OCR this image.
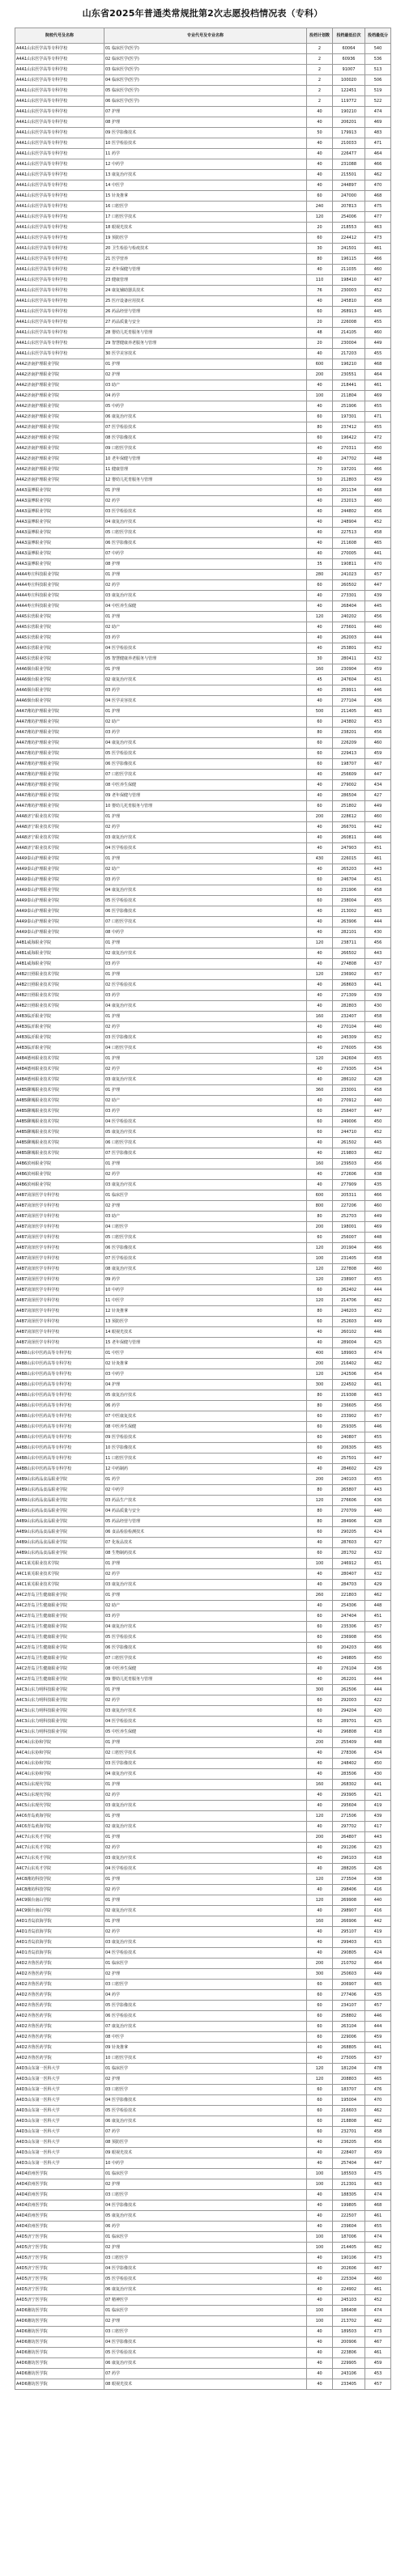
山东省2025年普通类常规批第2次志愿投档情况表（专科）
院校代号及名称	专业代号及专业名称	投档计划数	投档最低位次	投档最低分
A4A1山东医学高等专科学校	01 临床医学(医学)	2	60064	540
A4A1山东医学高等专科学校	02 临床医学(医学)	2	60936	536
A4A1山东医学高等专科学校	03 临床医学(医学)	2	91007	513
A4A1山东医学高等专科学校	04 临床医学(医学)	2	100020	506
A4A1山东医学高等专科学校	05 临床医学(医学)	2	122451	519
A4A1山东医学高等专科学校	06 临床医学(医学)	2	119772	522
A4A1山东医学高等专科学校	07 护理	40	190210	474
A4A1山东医学高等专科学校	08 护理	40	206201	469
A4A1山东医学高等专科学校	09 医学影像技术	50	179913	483
A4A1山东医学高等专科学校	10 医学检验技术	40	210033	471
A4A1山东医学高等专科学校	11 药学	40	226477	464
A4A1山东医学高等专科学校	12 中药学	40	231088	466
A4A1山东医学高等专科学校	13 康复治疗技术	40	215501	462
A4A1山东医学高等专科学校	14 中医学	40	244897	470
A4A1山东医学高等专科学校	15 针灸推拿	60	247000	468
A4A1山东医学高等专科学校	16 口腔医学	240	207813	475
A4A1山东医学高等专科学校	17 口腔医学技术	120	254006	477
A4A1山东医学高等专科学校	18 眼视光技术	20	218553	463
A4A1山东医学高等专科学校	19 预防医学	60	224412	473
A4A1山东医学高等专科学校	20 卫生检验与检疫技术	30	241501	461
A4A1山东医学高等专科学校	21 医学营养	80	196115	466
A4A1山东医学高等专科学校	22 老年保健与管理	40	211035	460
A4A1山东医学高等专科学校	23 健康管理	110	198410	467
A4A1山东医学高等专科学校	24 康复辅助器具技术	76	230003	452
A4A1山东医学高等专科学校	25 医疗设备应用技术	40	245810	458
A4A1山东医学高等专科学校	26 药品经营与管理	60	268913	445
A4A1山东医学高等专科学校	27 药品质量与安全	20	226008	455
A4A1山东医学高等专科学校	28 婴幼儿托育服务与管理	48	214105	460
A4A1山东医学高等专科学校	29 智慧健康养老服务与管理	20	230004	449
A4A1山东医学高等专科学校	30 医学美容技术	40	217203	455
A4A2济南护理职业学院	01 护理	600	196210	468
A4A2济南护理职业学院	02 护理	200	230551	464
A4A2济南护理职业学院	03 助产	40	218441	461
A4A2济南护理职业学院	04 药学	100	211804	469
A4A2济南护理职业学院	05 中药学	40	251906	455
A4A2济南护理职业学院	06 康复治疗技术	60	197301	471
A4A2济南护理职业学院	07 医学检验技术	80	237412	455
A4A2济南护理职业学院	08 医学影像技术	60	196422	472
A4A2济南护理职业学院	09 口腔医学技术	40	270311	450
A4A2济南护理职业学院	10 老年保健与管理	40	247702	448
A4A2济南护理职业学院	11 健康管理	70	197201	466
A4A2济南护理职业学院	12 婴幼儿托育服务与管理	50	212803	459
A4A3淄博职业学院	01 护理	40	201134	468
A4A3淄博职业学院	02 药学	40	232013	460
A4A3淄博职业学院	03 医学检验技术	40	244802	456
A4A3淄博职业学院	04 康复治疗技术	40	248904	452
A4A3淄博职业学院	05 口腔医学技术	40	227513	458
A4A3淄博职业学院	06 医学影像技术	40	211608	465
A4A3淄博职业学院	07 中药学	40	270005	441
A4A3淄博职业学院	08 护理	35	190811	470
A4A4枣庄科技职业学院	01 护理	280	241023	457
A4A4枣庄科技职业学院	02 药学	60	260502	447
A4A4枣庄科技职业学院	03 康复治疗技术	40	273301	439
A4A4枣庄科技职业学院	04 中医养生保健	40	268404	445
A4A5东营职业学院	01 护理	120	240202	456
A4A5东营职业学院	02 助产	40	275601	440
A4A5东营职业学院	03 药学	40	262003	444
A4A5东营职业学院	04 医学检验技术	40	253801	452
A4A5东营职业学院	05 智慧健康养老服务与管理	30	280411	432
A4A6烟台职业学院	01 护理	160	230904	459
A4A6烟台职业学院	02 康复治疗技术	45	247604	451
A4A6烟台职业学院	03 药学	40	259911	446
A4A6烟台职业学院	04 医学美容技术	40	277104	436
A4A7潍坊护理职业学院	01 护理	500	211405	463
A4A7潍坊护理职业学院	02 助产	60	243802	453
A4A7潍坊护理职业学院	03 药学	80	238201	456
A4A7潍坊护理职业学院	04 康复治疗技术	60	226209	460
A4A7潍坊护理职业学院	05 医学检验技术	60	229413	459
A4A7潍坊护理职业学院	06 医学影像技术	60	198707	467
A4A7潍坊护理职业学院	07 口腔医学技术	40	256609	447
A4A7潍坊护理职业学院	08 中医养生保健	40	279002	434
A4A7潍坊护理职业学院	09 老年保健与管理	40	286504	427
A4A7潍坊护理职业学院	10 婴幼儿托育服务与管理	60	251802	449
A4A8济宁职业技术学院	01 护理	200	228612	460
A4A8济宁职业技术学院	02 药学	40	266701	442
A4A8济宁职业技术学院	03 康复治疗技术	40	260811	446
A4A8济宁职业技术学院	04 医学检验技术	40	247903	451
A4A9泰山护理职业学院	01 护理	430	226015	461
A4A9泰山护理职业学院	02 助产	40	265203	443
A4A9泰山护理职业学院	03 药学	60	246704	451
A4A9泰山护理职业学院	04 康复治疗技术	60	231906	458
A4A9泰山护理职业学院	05 医学检验技术	60	238004	455
A4A9泰山护理职业学院	06 医学影像技术	40	213002	463
A4A9泰山护理职业学院	07 口腔医学技术	40	263906	444
A4A9泰山护理职业学院	08 中药学	40	282101	430
A4B1威海职业学院	01 护理	120	238711	456
A4B1威海职业学院	02 康复治疗技术	40	266502	443
A4B1威海职业学院	03 药学	40	274808	437
A4B2日照职业技术学院	01 护理	120	236902	457
A4B2日照职业技术学院	02 医学检验技术	40	268603	441
A4B2日照职业技术学院	03 药学	40	271309	439
A4B2日照职业技术学院	04 康复治疗技术	40	282803	430
A4B3临沂职业学院	01 护理	160	232407	458
A4B3临沂职业学院	02 药学	40	270104	440
A4B3临沂职业学院	03 医学影像技术	40	245309	452
A4B3临沂职业学院	04 口腔医学技术	40	276005	436
A4B4德州职业技术学院	01 护理	120	242604	455
A4B4德州职业技术学院	02 药学	40	279305	434
A4B4德州职业技术学院	03 康复治疗技术	40	286102	428
A4B5聊城职业技术学院	01 护理	360	233001	458
A4B5聊城职业技术学院	02 助产	40	270912	440
A4B5聊城职业技术学院	03 药学	60	258407	447
A4B5聊城职业技术学院	04 医学检验技术	60	249006	450
A4B5聊城职业技术学院	05 康复治疗技术	60	244710	452
A4B5聊城职业技术学院	06 口腔医学技术	40	261502	445
A4B5聊城职业技术学院	07 医学影像技术	40	219803	462
A4B6滨州职业学院	01 护理	160	239503	456
A4B6滨州职业学院	02 药学	40	272606	438
A4B6滨州职业学院	03 康复治疗技术	40	277909	435
A4B7菏泽医学专科学校	01 临床医学	600	205311	466
A4B7菏泽医学专科学校	02 护理	800	227206	460
A4B7菏泽医学专科学校	03 助产	80	252703	449
A4B7菏泽医学专科学校	04 口腔医学	200	198001	469
A4B7菏泽医学专科学校	05 口腔医学技术	60	256007	448
A4B7菏泽医学专科学校	06 医学影像技术	120	201904	466
A4B7菏泽医学专科学校	07 医学检验技术	100	231405	458
A4B7菏泽医学专科学校	08 康复治疗技术	120	227808	460
A4B7菏泽医学专科学校	09 药学	120	238907	455
A4B7菏泽医学专科学校	10 中药学	60	262402	444
A4B7菏泽医学专科学校	11 中医学	120	214706	462
A4B7菏泽医学专科学校	12 针灸推拿	80	246203	452
A4B7菏泽医学专科学校	13 预防医学	60	252603	449
A4B7菏泽医学专科学校	14 眼视光技术	40	260102	446
A4B7菏泽医学专科学校	15 老年保健与管理	40	289004	425
A4B8山东中医药高等专科学校	01 中医学	400	189903	474
A4B8山东中医药高等专科学校	02 针灸推拿	200	216402	462
A4B8山东中医药高等专科学校	03 中药学	120	242506	454
A4B8山东中医药高等专科学校	04 护理	300	224502	461
A4B8山东中医药高等专科学校	05 康复治疗技术	80	219308	463
A4B8山东中医药高等专科学校	06 药学	80	236605	456
A4B8山东中医药高等专科学校	07 中医康复技术	60	233902	457
A4B8山东中医药高等专科学校	08 中医养生保健	60	259305	446
A4B8山东中医药高等专科学校	09 医学检验技术	60	240807	455
A4B8山东中医药高等专科学校	10 医学影像技术	60	206305	465
A4B8山东中医药高等专科学校	11 口腔医学技术	40	257501	447
A4B8山东中医药高等专科学校	12 中药制药	40	284602	429
A4B9山东药品食品职业学院	01 药学	200	240103	455
A4B9山东药品食品职业学院	02 中药学	80	265807	443
A4B9山东药品食品职业学院	03 药品生产技术	120	276606	436
A4B9山东药品食品职业学院	04 药品质量与安全	80	270709	440
A4B9山东药品食品职业学院	05 药品经营与管理	80	284906	428
A4B9山东药品食品职业学院	06 食品检验检测技术	60	290205	424
A4B9山东药品食品职业学院	07 化妆品技术	40	287603	427
A4B9山东药品食品职业学院	08 生物制药技术	60	281702	432
A4C1莱芜职业技术学院	01 护理	100	246912	451
A4C1莱芜职业技术学院	02 药学	40	280407	432
A4C1莱芜职业技术学院	03 康复治疗技术	40	284703	429
A4C2青岛卫生健康职业学院	01 护理	260	221803	462
A4C2青岛卫生健康职业学院	02 助产	40	254306	448
A4C2青岛卫生健康职业学院	03 药学	60	247404	451
A4C2青岛卫生健康职业学院	04 康复治疗技术	60	235306	457
A4C2青岛卫生健康职业学院	05 医学检验技术	60	236908	456
A4C2青岛卫生健康职业学院	06 医学影像技术	60	204203	466
A4C2青岛卫生健康职业学院	07 口腔医学技术	40	249805	450
A4C2青岛卫生健康职业学院	08 中医养生保健	40	276104	436
A4C2青岛卫生健康职业学院	09 婴幼儿托育服务与管理	40	262201	444
A4C3山东力明科技职业学院	01 护理	300	262506	444
A4C3山东力明科技职业学院	02 药学	60	292003	422
A4C3山东力明科技职业学院	03 康复治疗技术	60	294204	420
A4C3山东力明科技职业学院	04 医学检验技术	60	289701	425
A4C3山东力明科技职业学院	05 中医养生保健	40	296808	418
A4C4山东协和学院	01 护理	200	255409	448
A4C4山东协和学院	02 口腔医学技术	40	278306	434
A4C4山东协和学院	03 医学影像技术	40	248402	450
A4C4山东协和学院	04 康复治疗技术	40	283506	430
A4C5山东现代学院	01 护理	160	268302	441
A4C5山东现代学院	02 药学	40	293905	421
A4C5山东现代学院	03 康复治疗技术	40	295604	419
A4C6青岛黄海学院	01 护理	120	271506	439
A4C6青岛黄海学院	02 康复治疗技术	40	297702	417
A4C7山东英才学院	01 护理	200	264807	443
A4C7山东英才学院	02 药学	40	291206	423
A4C7山东英才学院	03 康复治疗技术	40	296103	418
A4C7山东英才学院	04 医学检验技术	40	288205	426
A4C8潍坊科技学院	01 护理	120	273504	438
A4C8潍坊科技学院	02 药学	40	298406	416
A4C9烟台南山学院	01 护理	120	269908	440
A4C9烟台南山学院	02 康复治疗技术	40	298907	416
A4D1青岛滨海学院	01 护理	160	266906	442
A4D1青岛滨海学院	02 药学	40	295107	419
A4D1青岛滨海学院	03 康复治疗技术	40	299403	415
A4D1青岛滨海学院	04 医学检验技术	40	290805	424
A4D2齐鲁医药学院	01 临床医学	200	210702	464
A4D2齐鲁医药学院	02 护理	300	250603	449
A4D2齐鲁医药学院	03 口腔医学	60	206907	465
A4D2齐鲁医药学院	04 药学	60	277406	435
A4D2齐鲁医药学院	05 医学影像技术	60	234107	457
A4D2齐鲁医药学院	06 医学检验技术	60	258802	446
A4D2齐鲁医药学院	07 康复治疗技术	60	263104	444
A4D2齐鲁医药学院	08 中医学	60	229006	459
A4D2齐鲁医药学院	09 针灸推拿	40	268805	441
A4D2齐鲁医药学院	10 口腔医学技术	40	275005	437
A4D3山东第一医科大学	01 临床医学	120	181204	478
A4D3山东第一医科大学	02 护理	120	208803	465
A4D3山东第一医科大学	03 口腔医学	60	183707	476
A4D3山东第一医科大学	04 医学影像技术	60	195004	470
A4D3山东第一医科大学	05 医学检验技术	60	216603	462
A4D3山东第一医科大学	06 康复治疗技术	60	218808	462
A4D3山东第一医科大学	07 药学	60	232701	458
A4D3山东第一医科大学	08 预防医学	40	236205	456
A4D3山东第一医科大学	09 眼视光技术	40	228407	459
A4D3山东第一医科大学	10 中药学	40	257404	447
A4D4滨州医学院	01 临床医学	100	185503	475
A4D4滨州医学院	02 护理	100	212301	463
A4D4滨州医学院	03 口腔医学	40	188305	474
A4D4滨州医学院	04 医学影像技术	40	199805	468
A4D4滨州医学院	05 康复治疗技术	40	222507	461
A4D4滨州医学院	06 药学	40	239604	455
A4D5济宁医学院	01 临床医学	100	187006	474
A4D5济宁医学院	02 护理	100	214405	462
A4D5济宁医学院	03 口腔医学	40	190106	473
A4D5济宁医学院	04 医学影像技术	40	202606	467
A4D5济宁医学院	05 医学检验技术	40	225304	460
A4D5济宁医学院	06 康复治疗技术	40	224902	461
A4D5济宁医学院	07 精神医学	40	245103	452
A4D6潍坊医学院	01 临床医学	100	186408	474
A4D6潍坊医学院	02 护理	100	213702	462
A4D6潍坊医学院	03 口腔医学	40	189503	473
A4D6潍坊医学院	04 医学影像技术	40	200906	467
A4D6潍坊医学院	05 医学检验技术	40	223806	461
A4D6潍坊医学院	06 康复治疗技术	40	229905	459
A4D6潍坊医学院	07 药学	40	243106	453
A4D6潍坊医学院	08 眼视光技术	40	233405	457
